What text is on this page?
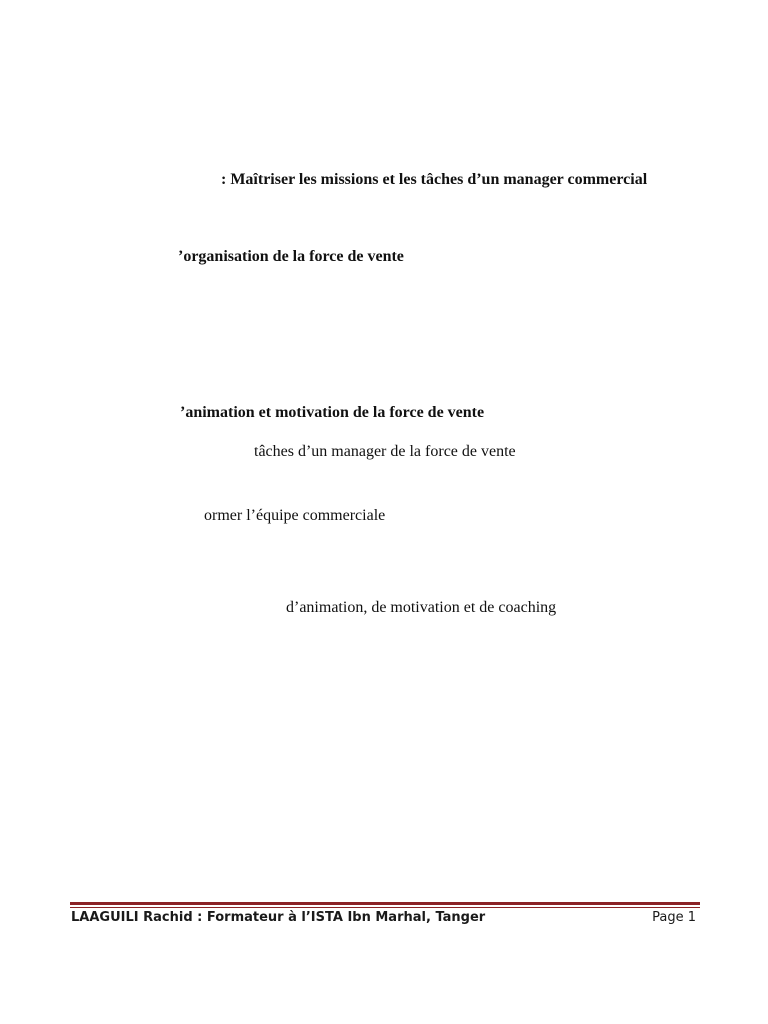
: Maîtriser les missions et les tâches d’un manager commercial

’organisation de la force de vente

’animation et motivation de la force de vente

tâches d’un manager de la force de vente

ormer l’équipe commerciale

d’animation, de motivation et de coaching

LAAGUILI Rachid : Formateur à l’ISTA Ibn Marhal, Tanger	Page 1
